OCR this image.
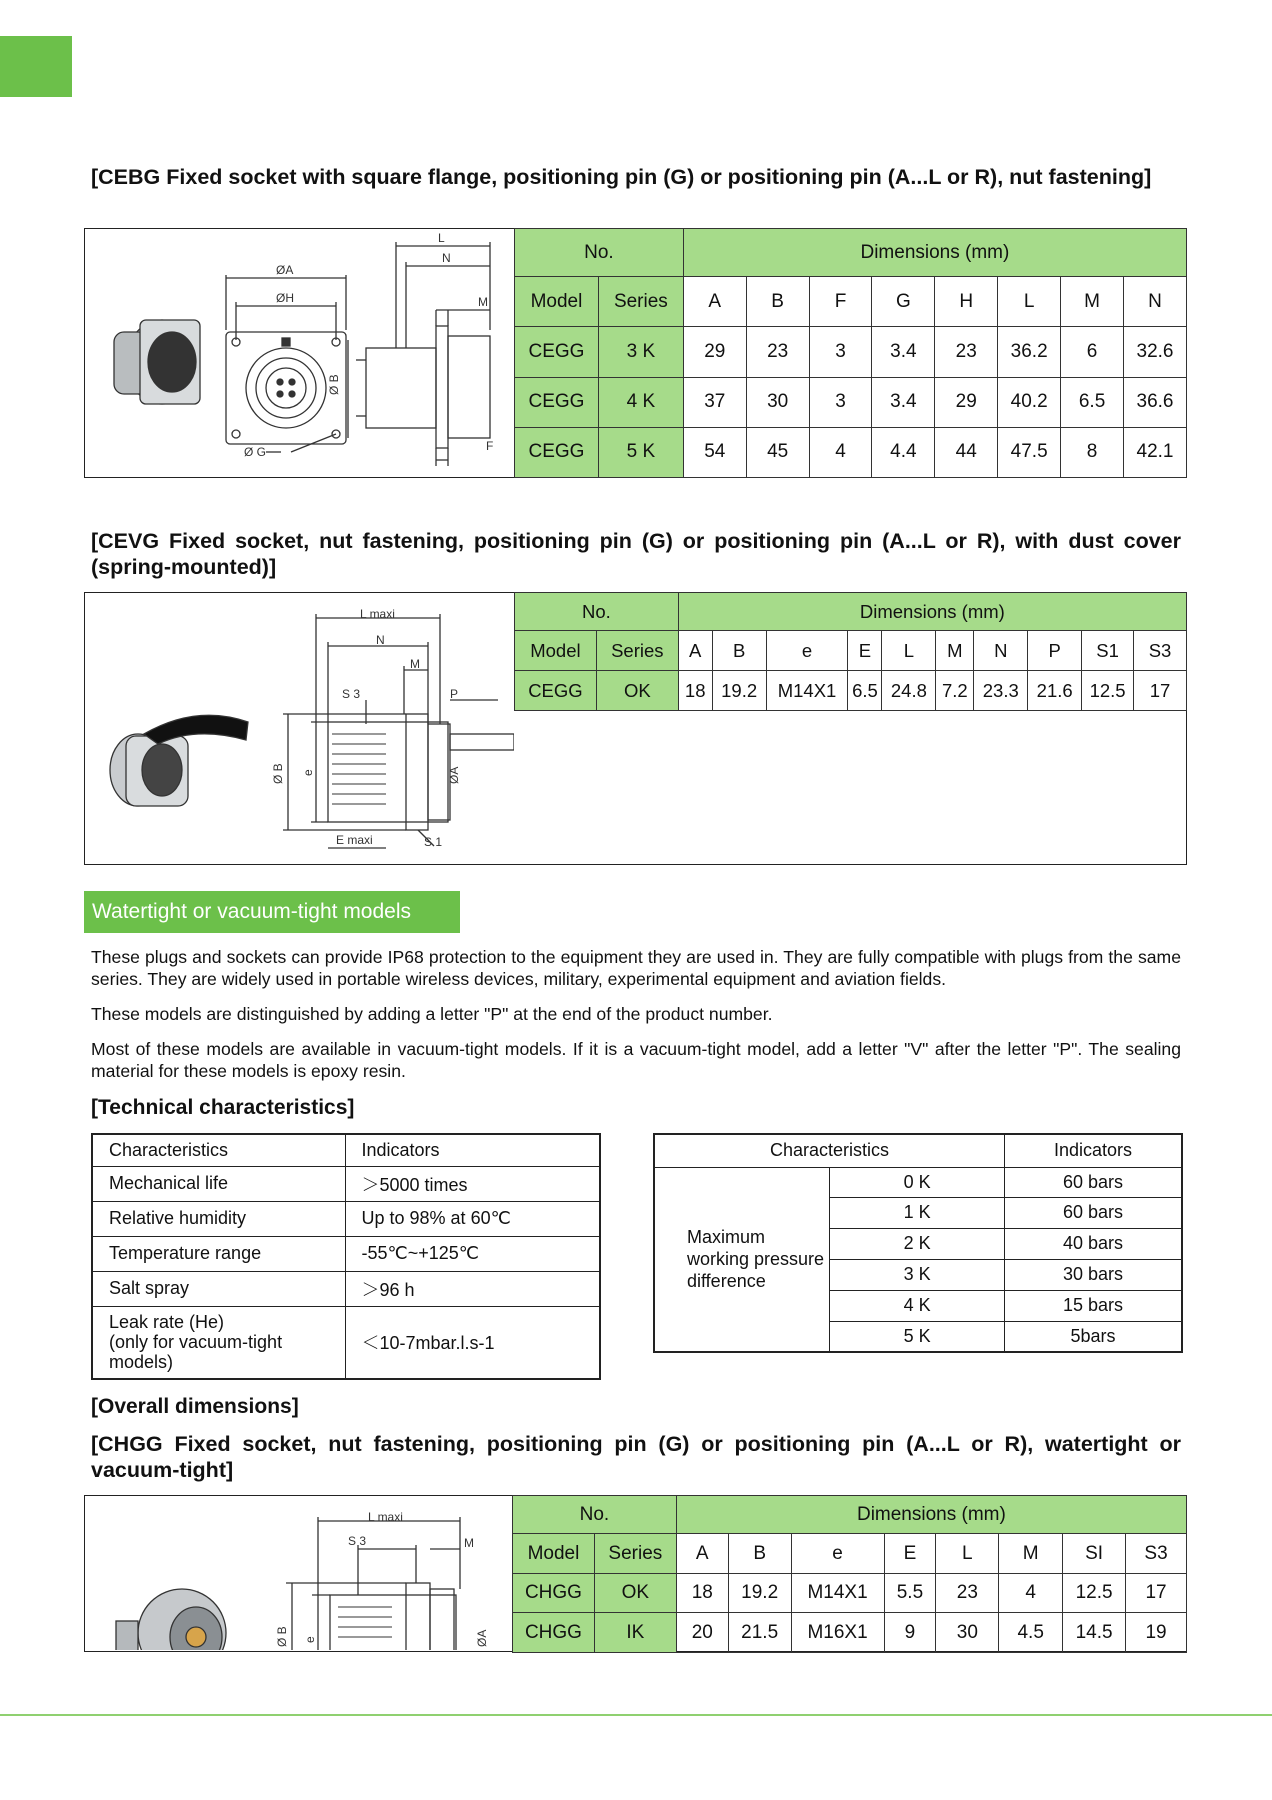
[CEBG Fixed socket with square flange, positioning pin (G) or positioning pin (A...L or R), nut fastening]
ØA
ØH
Ø G
Ø B
L
N
M
F
No.		Dimensions (mm)							
Model	Series	A	B	F	G	H	L	M	N
CEGG	3 K	29	23	3	3.4	23	36.2	6	32.6
CEGG	4 K	37	30	3	3.4	29	40.2	6.5	36.6
CEGG	5 K	54	45	4	4.4	44	47.5	8	42.1
[CEVG Fixed socket, nut fastening, positioning pin (G) or positioning pin (A...L or R), with dust cover (spring-mounted)]
L maxi
N
M
S 3	P
Ø B e	ØA
E maxi	S 1
No.		Dimensions (mm)									
Model	Series	A	B	e	E	L	M	N	P	S1	S3
CEGG	OK	18	19.2	M14X1	6.5	24.8	7.2	23.3	21.6	12.5	17
Watertight or vacuum-tight models
These plugs and sockets can provide IP68 protection to the equipment they are used in. They are fully compatible with plugs from the same series. They are widely used in portable wireless devices, military, experimental equipment and aviation fields.
These models are distinguished by adding a letter "P" at the end of the product number.
Most of these models are available in vacuum-tight models. If it is a vacuum-tight model, add a letter "V" after the letter "P". The sealing material for these models is epoxy resin.
[Technical characteristics]
Characteristics	Indicators
Mechanical life	＞5000 times
Relative humidity	Up to 98% at 60℃
Temperature range	-55℃~+125℃
Salt spray	＞96 h
Leak rate (He)
(only for vacuum-tight models)	＜10-7mbar.l.s-1
Characteristics		Indicators
Maximum working pressure difference	0 K	60 bars
	1 K	60 bars
	2 K	40 bars
	3 K	30 bars
	4 K	15 bars
	5 K	5bars
[Overall dimensions]
[CHGG Fixed socket, nut fastening, positioning pin (G) or positioning pin (A...L or R), watertight or vacuum-tight]
L maxi
S 3	M
Ø B e	ØA
No.		Dimensions (mm)							
Model	Series	A	B	e	E	L	M	SI	S3
CHGG	OK	18	19.2	M14X1	5.5	23	4	12.5	17
CHGG	IK	20	21.5	M16X1	9	30	4.5	14.5	19
